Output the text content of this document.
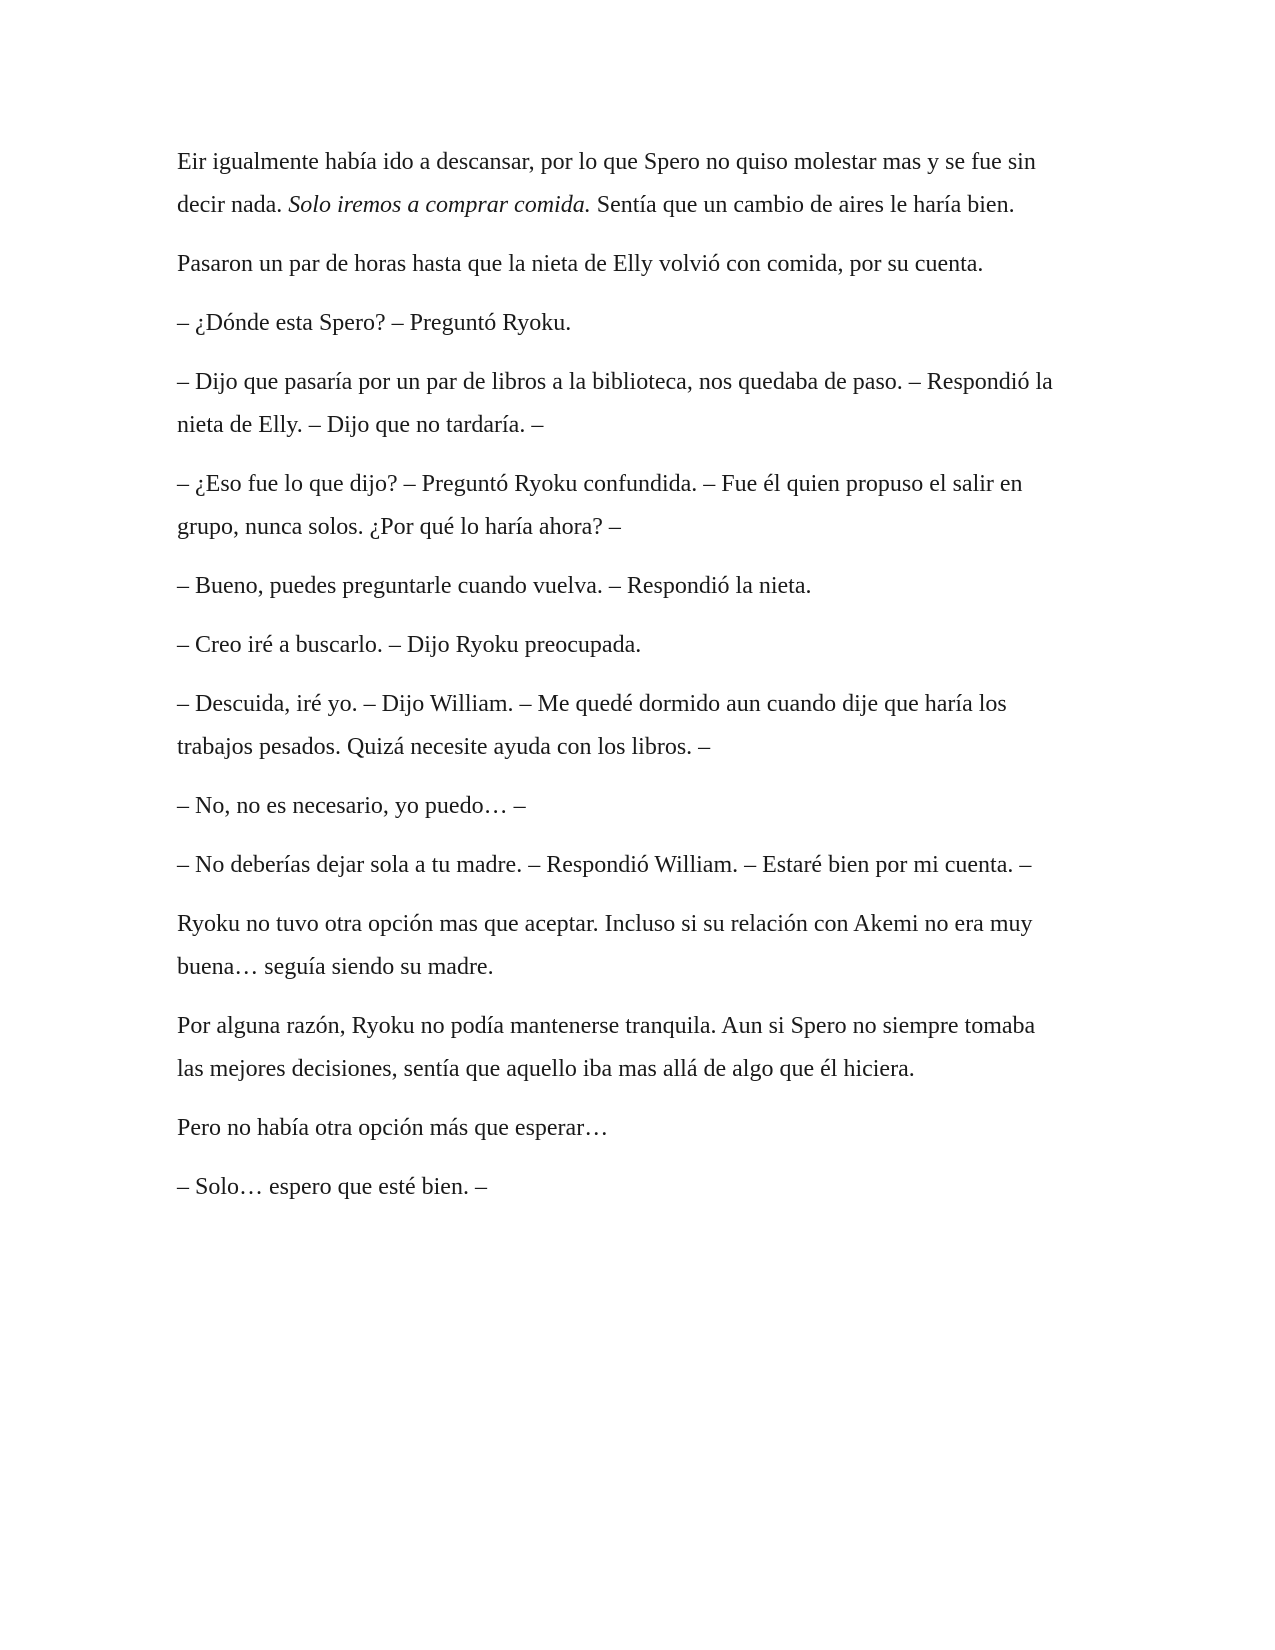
Eir igualmente había ido a descansar, por lo que Spero no quiso molestar mas y se fue sin
decir nada. Solo iremos a comprar comida. Sentía que un cambio de aires le haría bien.

Pasaron un par de horas hasta que la nieta de Elly volvió con comida, por su cuenta.

– ¿Dónde esta Spero? – Preguntó Ryoku.

– Dijo que pasaría por un par de libros a la biblioteca, nos quedaba de paso. – Respondió la
nieta de Elly. – Dijo que no tardaría. –

– ¿Eso fue lo que dijo? – Preguntó Ryoku confundida. – Fue él quien propuso el salir en
grupo, nunca solos. ¿Por qué lo haría ahora? –

– Bueno, puedes preguntarle cuando vuelva. – Respondió la nieta.

– Creo iré a buscarlo. – Dijo Ryoku preocupada.

– Descuida, iré yo. – Dijo William. – Me quedé dormido aun cuando dije que haría los
trabajos pesados. Quizá necesite ayuda con los libros. –

– No, no es necesario, yo puedo… –

– No deberías dejar sola a tu madre. – Respondió William. – Estaré bien por mi cuenta. –

Ryoku no tuvo otra opción mas que aceptar. Incluso si su relación con Akemi no era muy
buena… seguía siendo su madre.

Por alguna razón, Ryoku no podía mantenerse tranquila. Aun si Spero no siempre tomaba
las mejores decisiones, sentía que aquello iba mas allá de algo que él hiciera.

Pero no había otra opción más que esperar…

– Solo… espero que esté bien. –
